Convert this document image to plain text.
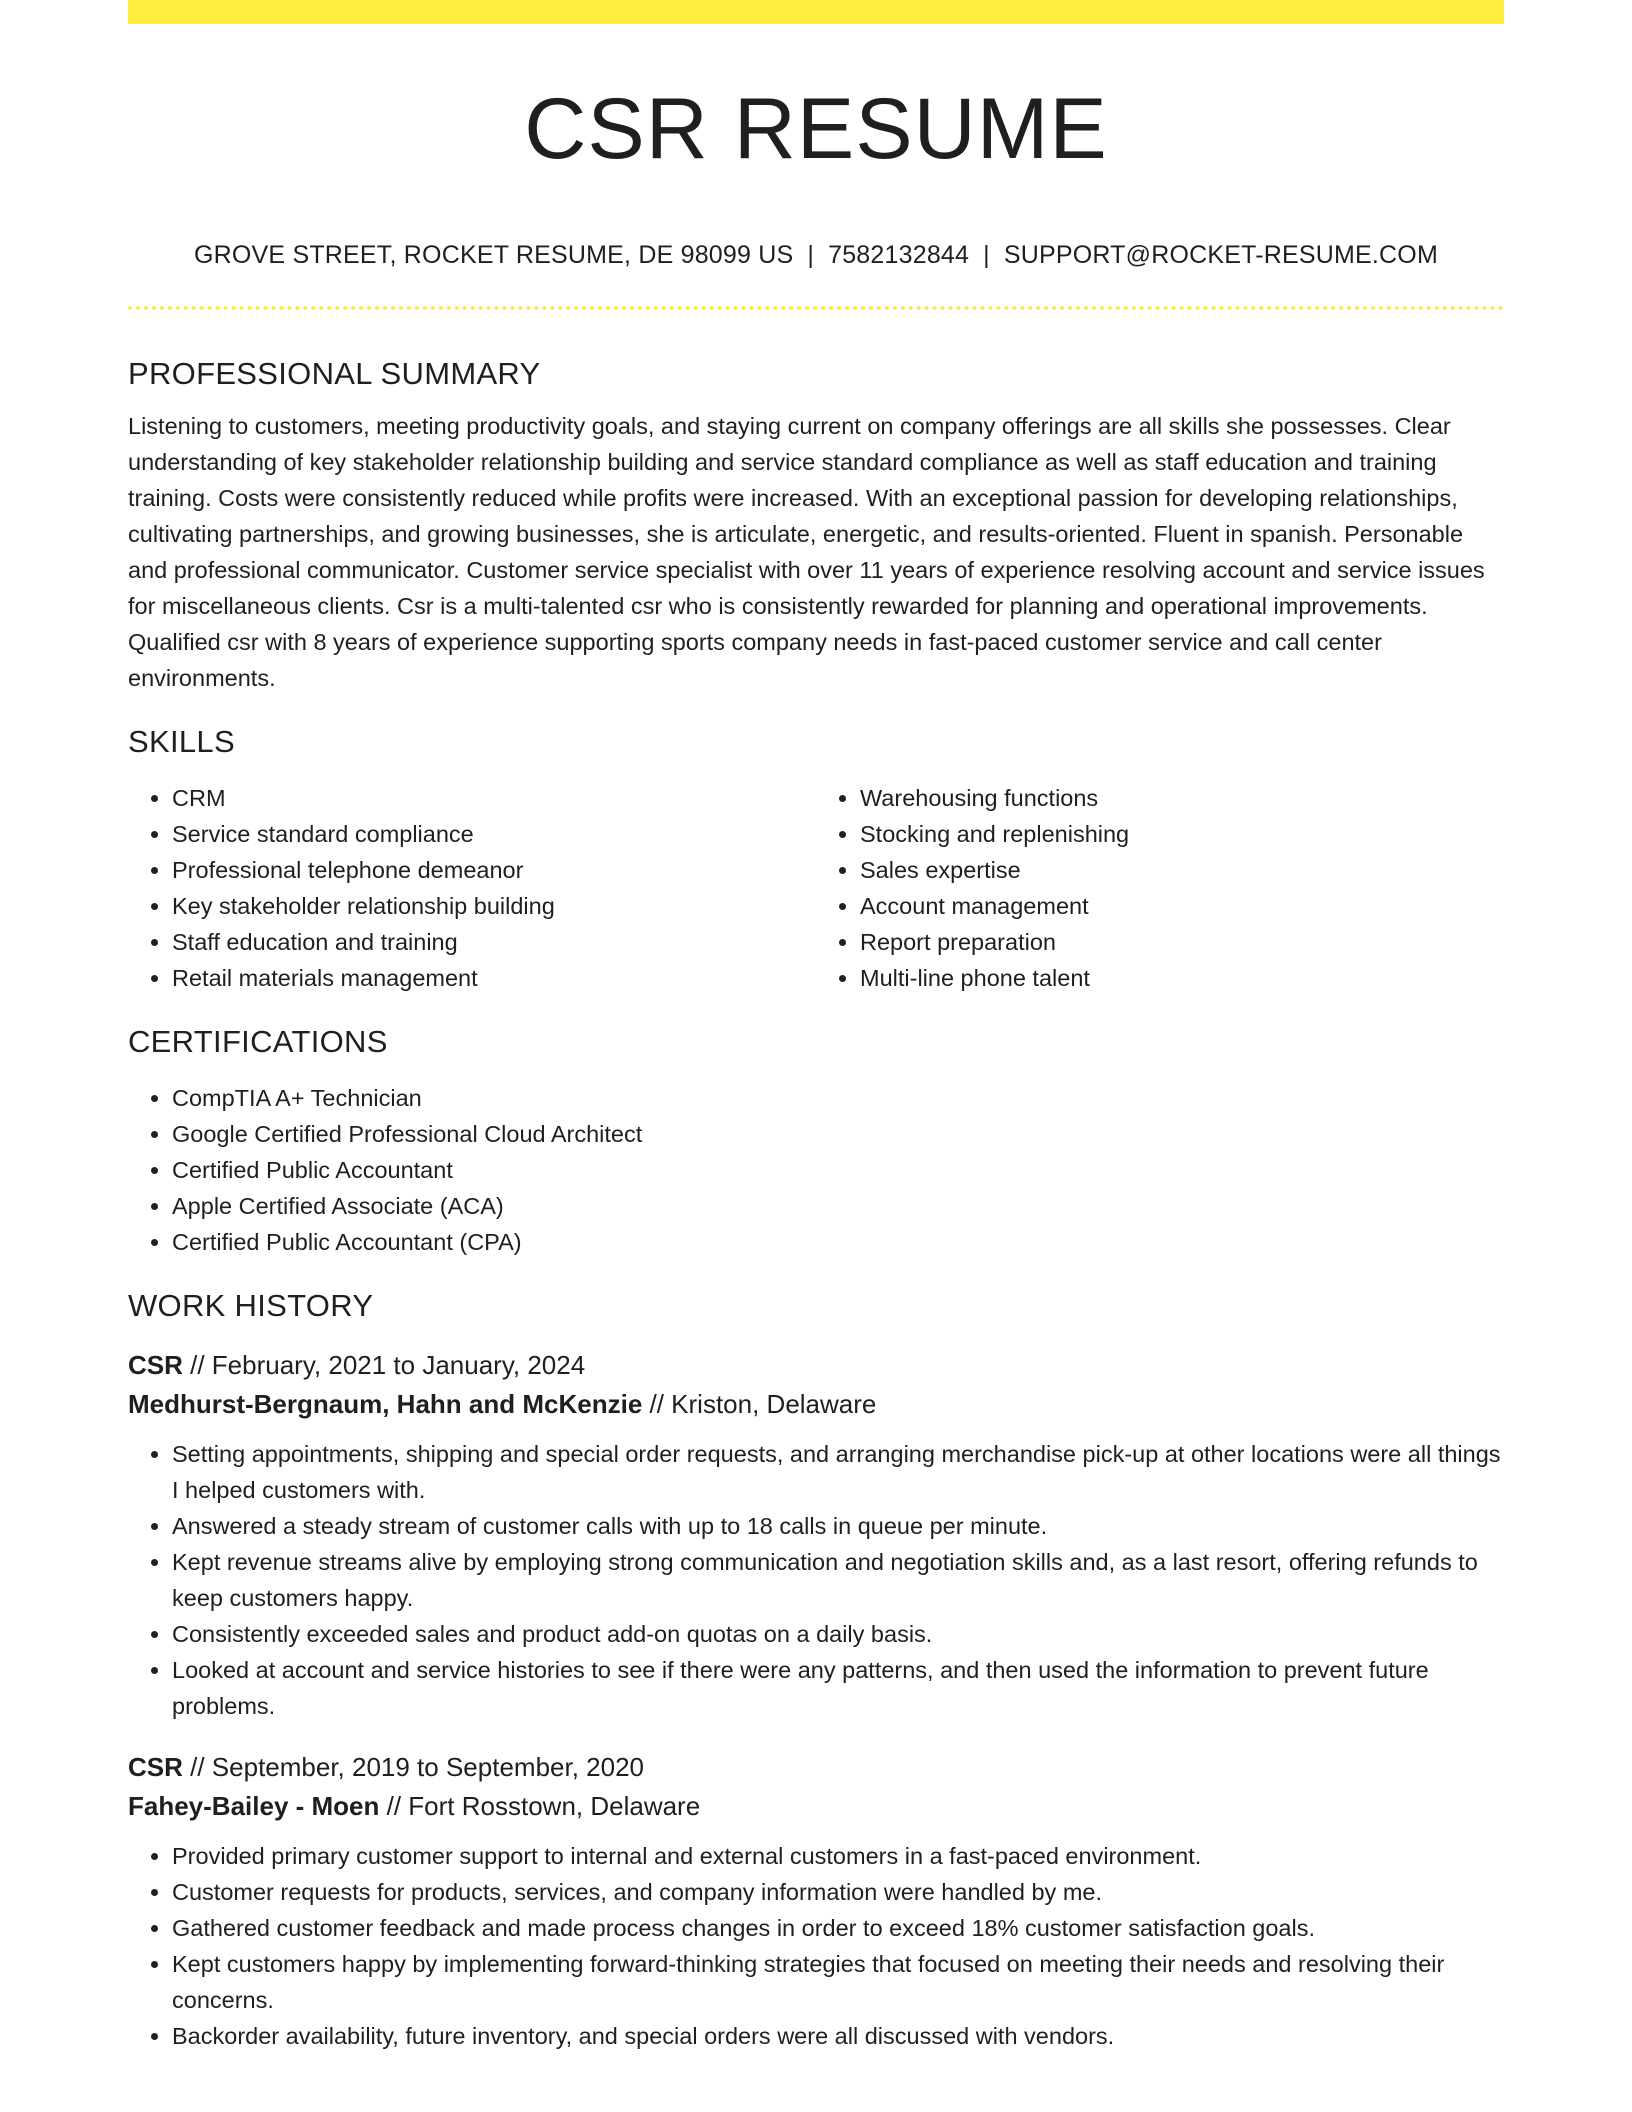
CSR RESUME
GROVE STREET, ROCKET RESUME, DE 98099 US | 7582132844 | SUPPORT@ROCKET-RESUME.COM
PROFESSIONAL SUMMARY

Listening to customers, meeting productivity goals, and staying current on company offerings are all skills she possesses. Clear understanding of key stakeholder relationship building and service standard compliance as well as staff education and training training. Costs were consistently reduced while profits were increased. With an exceptional passion for developing relationships, cultivating partnerships, and growing businesses, she is articulate, energetic, and results-oriented. Fluent in spanish. Personable and professional communicator. Customer service specialist with over 11 years of experience resolving account and service issues for miscellaneous clients. Csr is a multi-talented csr who is consistently rewarded for planning and operational improvements. Qualified csr with 8 years of experience supporting sports company needs in fast-paced customer service and call center environments.

SKILLS
• CRM
• Service standard compliance
• Professional telephone demeanor
• Key stakeholder relationship building
• Staff education and training
• Retail materials management
• Warehousing functions
• Stocking and replenishing
• Sales expertise
• Account management
• Report preparation
• Multi-line phone talent
CERTIFICATIONS
• CompTIA A+ Technician
• Google Certified Professional Cloud Architect
• Certified Public Accountant
• Apple Certified Associate (ACA)
• Certified Public Accountant (CPA)
WORK HISTORY
CSR // February, 2021 to January, 2024
Medhurst-Bergnaum, Hahn and McKenzie // Kriston, Delaware
• Setting appointments, shipping and special order requests, and arranging merchandise pick-up at other locations were all things I helped customers with.
• Answered a steady stream of customer calls with up to 18 calls in queue per minute.
• Kept revenue streams alive by employing strong communication and negotiation skills and, as a last resort, offering refunds to keep customers happy.
• Consistently exceeded sales and product add-on quotas on a daily basis.
• Looked at account and service histories to see if there were any patterns, and then used the information to prevent future problems.
CSR // September, 2019 to September, 2020
Fahey-Bailey - Moen // Fort Rosstown, Delaware
• Provided primary customer support to internal and external customers in a fast-paced environment.
• Customer requests for products, services, and company information were handled by me.
• Gathered customer feedback and made process changes in order to exceed 18% customer satisfaction goals.
• Kept customers happy by implementing forward-thinking strategies that focused on meeting their needs and resolving their concerns.
• Backorder availability, future inventory, and special orders were all discussed with vendors.
